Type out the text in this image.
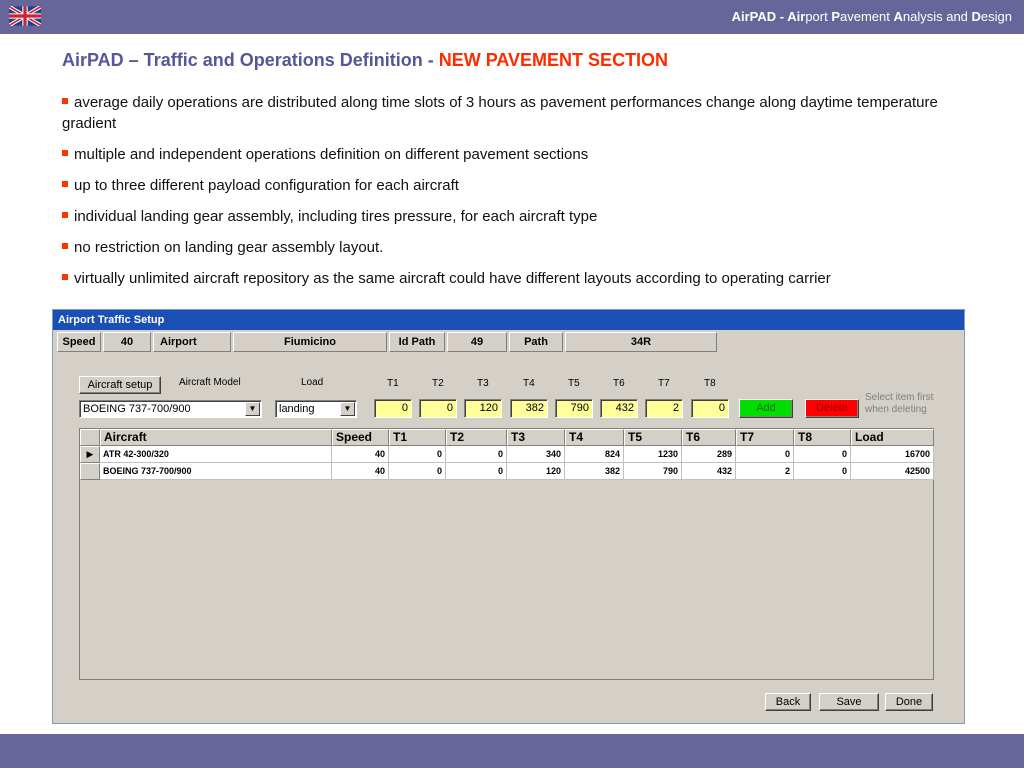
AirPAD - Airport Pavement Analysis and Design
AirPAD – Traffic and Operations Definition - NEW PAVEMENT SECTION
average daily operations are distributed along time slots of 3 hours as pavement performances change along daytime temperature gradient
multiple and independent operations definition on different pavement sections
up to three different payload configuration for each aircraft
individual landing gear assembly, including tires pressure, for each aircraft type
no restriction on landing gear assembly layout.
virtually unlimited aircraft repository as the same aircraft could have different layouts according to operating carrier
Airport Traffic Setup
Speed	40	Airport	Fiumicino	Id Path	49	Path	34R
Aircraft setup	Aircraft Model	Load	T1	T2	T3	T4	T5	T6	T7	T8
BOEING 737-700/900	▼	landing	▼	0	0	120	382	790	432	2	0	Add	Delete
Select item first when deleting
Aircraft	Speed	T1	T2	T3	T4	T5	T6	T7	T8	Load
▶	ATR 42-300/320	40	0	0	340	824	1230	289	0	0	16700
BOEING 737-700/900	40	0	0	120	382	790	432	2	0	42500
Back	Save	Done
